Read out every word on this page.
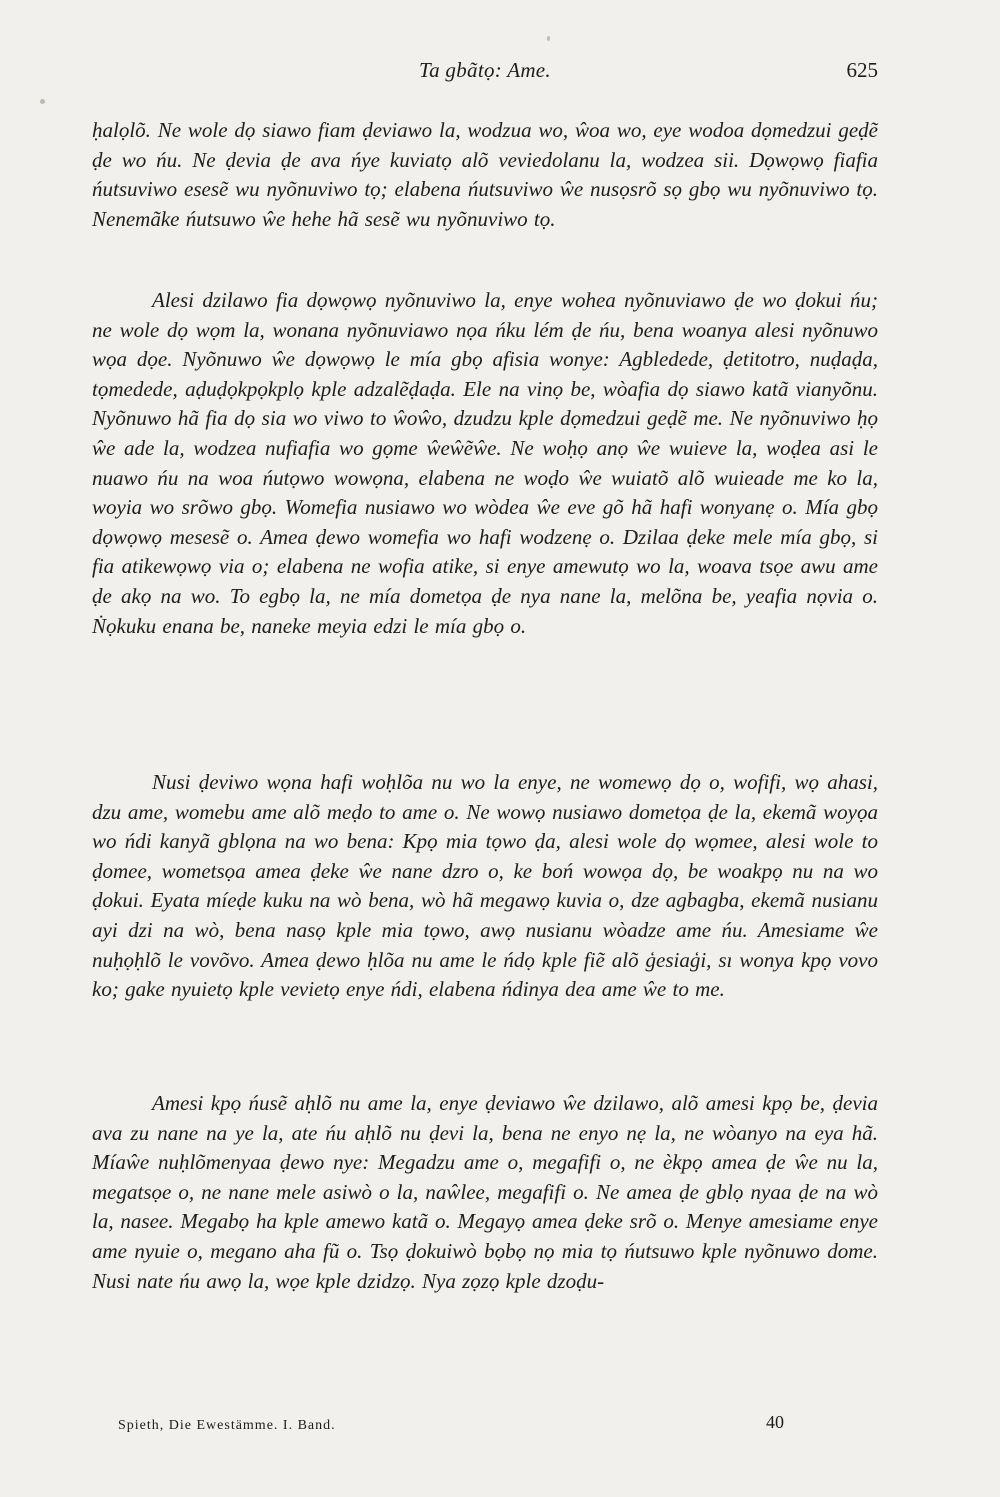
Ta gbãtọ: Ame.	625

ḥalọlõ. Ne wole dọ siawo fiam ḍeviawo la, wodzua wo, ŵoa wo, eye wodoa dọmedzui geḍẽ ḍe wo ńu. Ne ḍevia ḍe ava ńye kuviatọ alõ veviedolanu la, wodzea sii. Dọwọwọ fiafia ńutsuviwo esesẽ wu nyõnuviwo tọ; elabena ńutsuviwo ŵe nusọsrõ sọ gbọ wu nyõnuviwo tọ. Nenemãke ńutsuwo ŵe hehe hã sesẽ wu nyõnuviwo tọ.

Alesi dzilawo fia dọwọwọ nyõnuviwo la, enye wohea nyõnuviawo ḍe wo ḍokui ńu; ne wole dọ wọm la, wonana nyõnuviawo nọa ńku lém ḍe ńu, bena woanya alesi nyõnuwo wọa dọe. Nyõnuwo ŵe dọwọwọ le mía gbọ afisia wonye: Agbledede, ḍetitotro, nuḍaḍa, tọmedede, aḍuḍọkpọkplọ kple adzalẽḍaḍa. Ele na vinọ be, wòafia dọ siawo katã vianyõnu. Nyõnuwo hã fia dọ sia wo viwo to ŵoŵo, dzudzu kple dọmedzui geḍẽ me. Ne nyõnuviwo ḥọ ŵe ade la, wodzea nufiafia wo gọme ŵeŵẽŵe. Ne woḥọ anọ ŵe wuieve la, woḍea asi le nuawo ńu na woa ńutọwo wowọna, elabena ne woḍo ŵe wuiatõ alõ wuieade me ko la, woyia wo srõwo gbọ. Womefia nusiawo wo wòdea ŵe eve gõ hã hafi wonyanẹ o. Mía gbọ dọwọwọ mesesẽ o. Amea ḍewo womefia wo hafi wodzenẹ o. Dzilaa ḍeke mele mía gbọ, si fia atikewọwọ via o; elabena ne wofia atike, si enye amewutọ wo la, woava tsọe awu ame ḍe akọ na wo. To egbọ la, ne mía dometọa ḍe nya nane la, melõna be, yeafia nọvia o. Ṅọkuku enana be, naneke meyia edzi le mía gbọ o.

Nusi ḍeviwo wọna hafi woḥlõa nu wo la enye, ne womewọ dọ o, wofifi, wọ ahasi, dzu ame, womebu ame alõ meḍo to ame o. Ne wowọ nusiawo dometọa ḍe la, ekemã woyọa wo ńdi kanyã gblọna na wo bena: Kpọ mia tọwo ḍa, alesi wole dọ wọmee, alesi wole to ḍomee, wometsọa amea ḍeke ŵe nane dzro o, ke boń wowọa dọ, be woakpọ nu na wo ḍokui. Eyata míeḍe kuku na wò bena, wò hã megawọ kuvia o, dze agbagba, ekemã nusianu ayi dzi na wò, bena nasọ kple mia tọwo, awọ nusianu wòadze ame ńu. Amesiame ŵe nuḥọḥlõ le vovõvo. Amea ḍewo ḥlõa nu ame le ńdọ kple fiẽ alõ ģesiaģi, sı wonya kpọ vovo ko; gake nyuietọ kple vevietọ enye ńdi, elabena ńdinya dea ame ŵe to me.

Amesi kpọ ńusẽ aḥlõ nu ame la, enye ḍeviawo ŵe dzilawo, alõ amesi kpọ be, ḍevia ava zu nane na ye la, ate ńu aḥlõ nu ḍevi la, bena ne enyo nẹ la, ne wòanyo na eya hã. Míaŵe nuḥlõmenyaa ḍewo nye: Megadzu ame o, megafifi o, ne èkpọ amea ḍe ŵe nu la, megatsọe o, ne nane mele asiwò o la, naŵlee, megafifi o. Ne amea ḍe gblọ nyaa ḍe na wò la, nasee. Megabọ ha kple amewo katã o. Megayọ amea ḍeke srõ o. Menye amesiame enye ame nyuie o, megano aha fũ o. Tsọ ḍokuiwò bọbọ nọ mia tọ ńutsuwo kple nyõnuwo dome. Nusi nate ńu awọ la, wọe kple dzidzọ. Nya zọzọ kple dzoḍu-

Spieth, Die Ewestämme. I. Band.	40
